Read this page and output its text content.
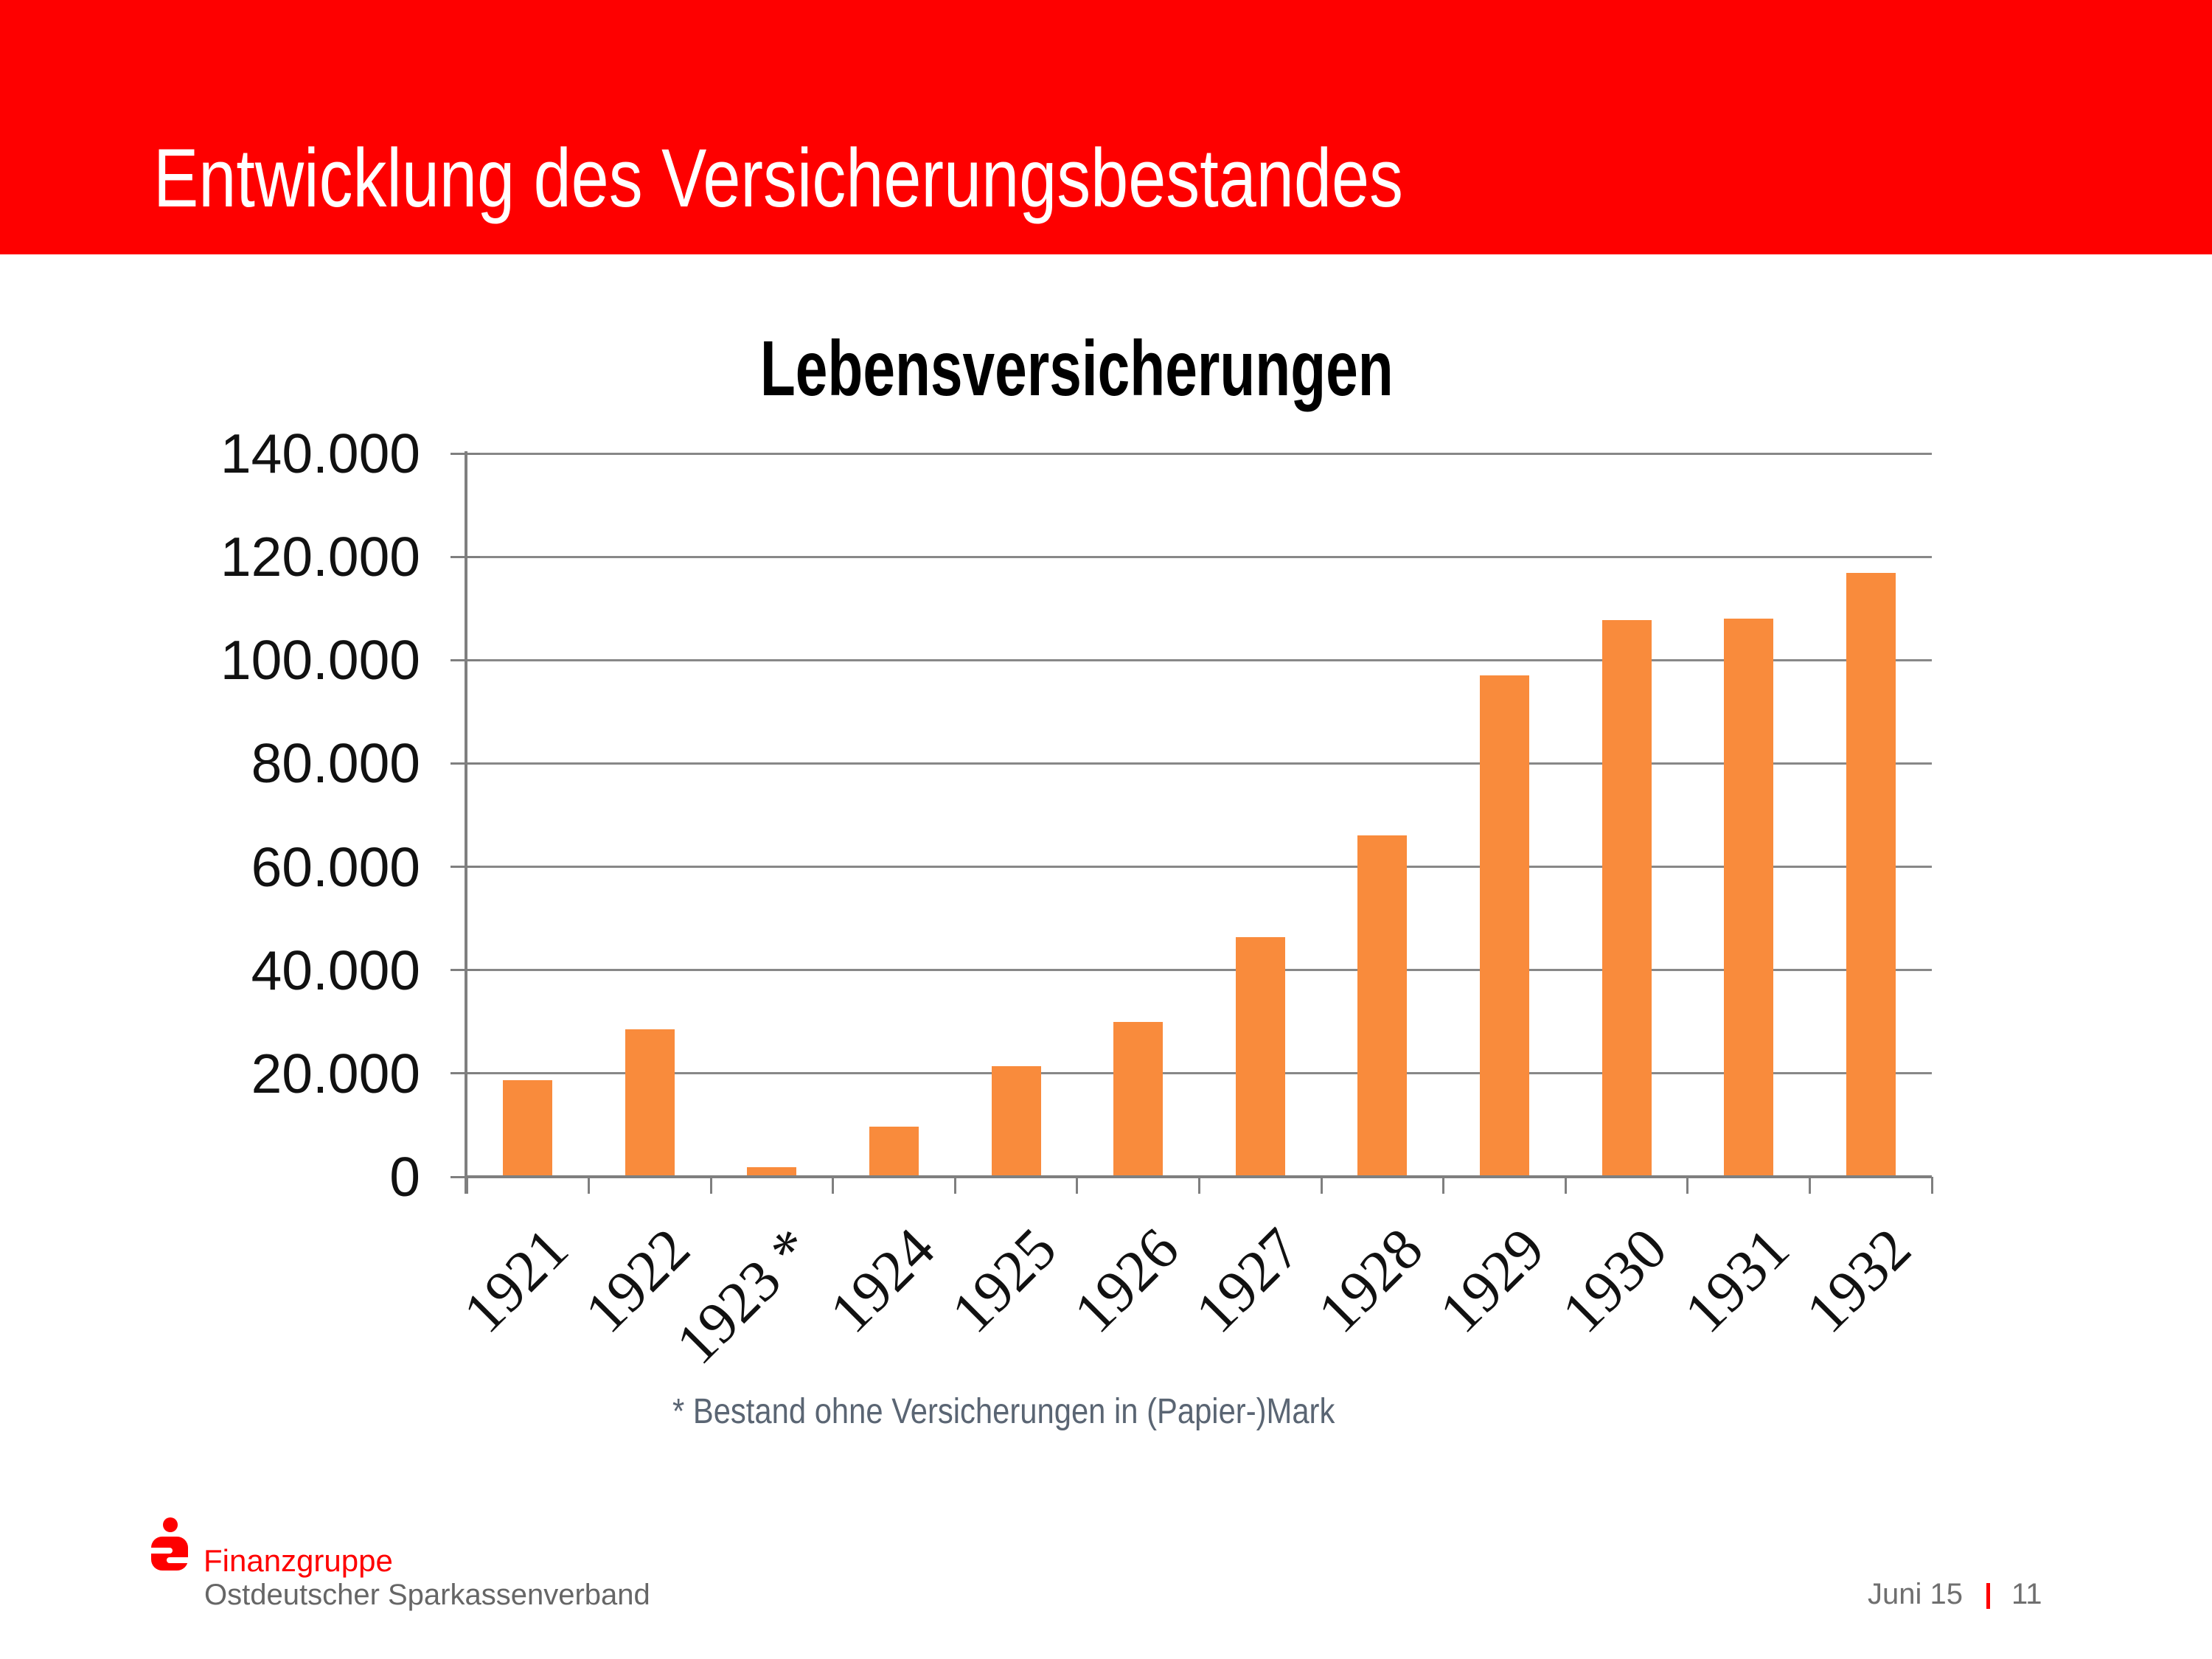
Entwicklung des Versicherungsbestandes
Lebensversicherungen
0
20.000
40.000
60.000
80.000
100.000
120.000
140.000
1921
1922
1923 *
1924
1925
1926
1927
1928
1929
1930
1931
1932
* Bestand ohne Versicherungen in (Papier-)Mark
Finanzgruppe
Ostdeutscher Sparkassenverband	Juni 15 11
